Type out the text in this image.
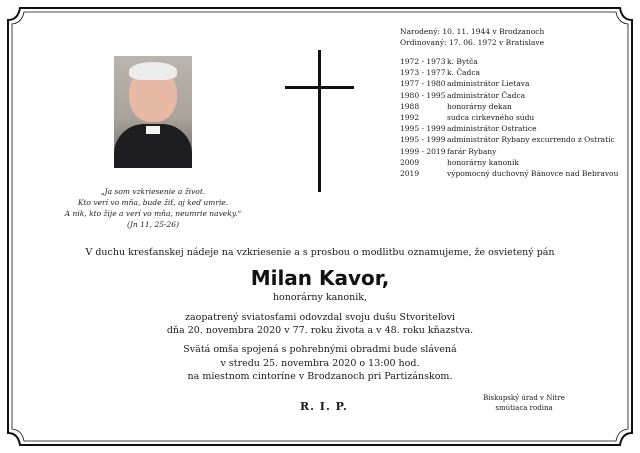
„Ja som vzkriesenie a život.
Kto verí vo mňa, bude žiť, aj keď umrie.
A nik, kto žije a verí vo mňa, neumrie naveky.“
(Jn 11, 25-26)
Narodený: 10. 11. 1944 v Brodzanoch
Ordinovaný: 17. 06. 1972 v Bratislave
1972 - 1973 k. Bytča
1973 - 1977 k. Čadca
1977 - 1980 administrátor Lietava
1980 - 1995 administrátor Čadca
1988	honorárny dekan
1992	sudca cirkevného súdu
1995 - 1999 administrátor Ostratice
1995 - 1999 administrátor Rybany excurrendo z Ostratíc
1999 - 2019 farár Rybany
2009	honorárny kanonik
2019	výpomocný duchovný Bánovce nad Bebravou
V duchu kresťanskej nádeje na vzkriesenie a s prosbou o modlitbu oznamujeme, že osvietený pán
Milan Kavor,
honorárny kanonik,
zaopatrený sviatosťami odovzdal svoju dušu Stvoriteľovi
dňa 20. novembra 2020 v 77. roku života a v 48. roku kňazstva.
Svätá omša spojená s pohrebnými obradmi bude slávená
v stredu 25. novembra 2020 o 13:00 hod.
na miestnom cintoríne v Brodzanoch pri Partizánskom.
R. I. P.
Biskupský úrad v Nitre
smútiaca rodina
